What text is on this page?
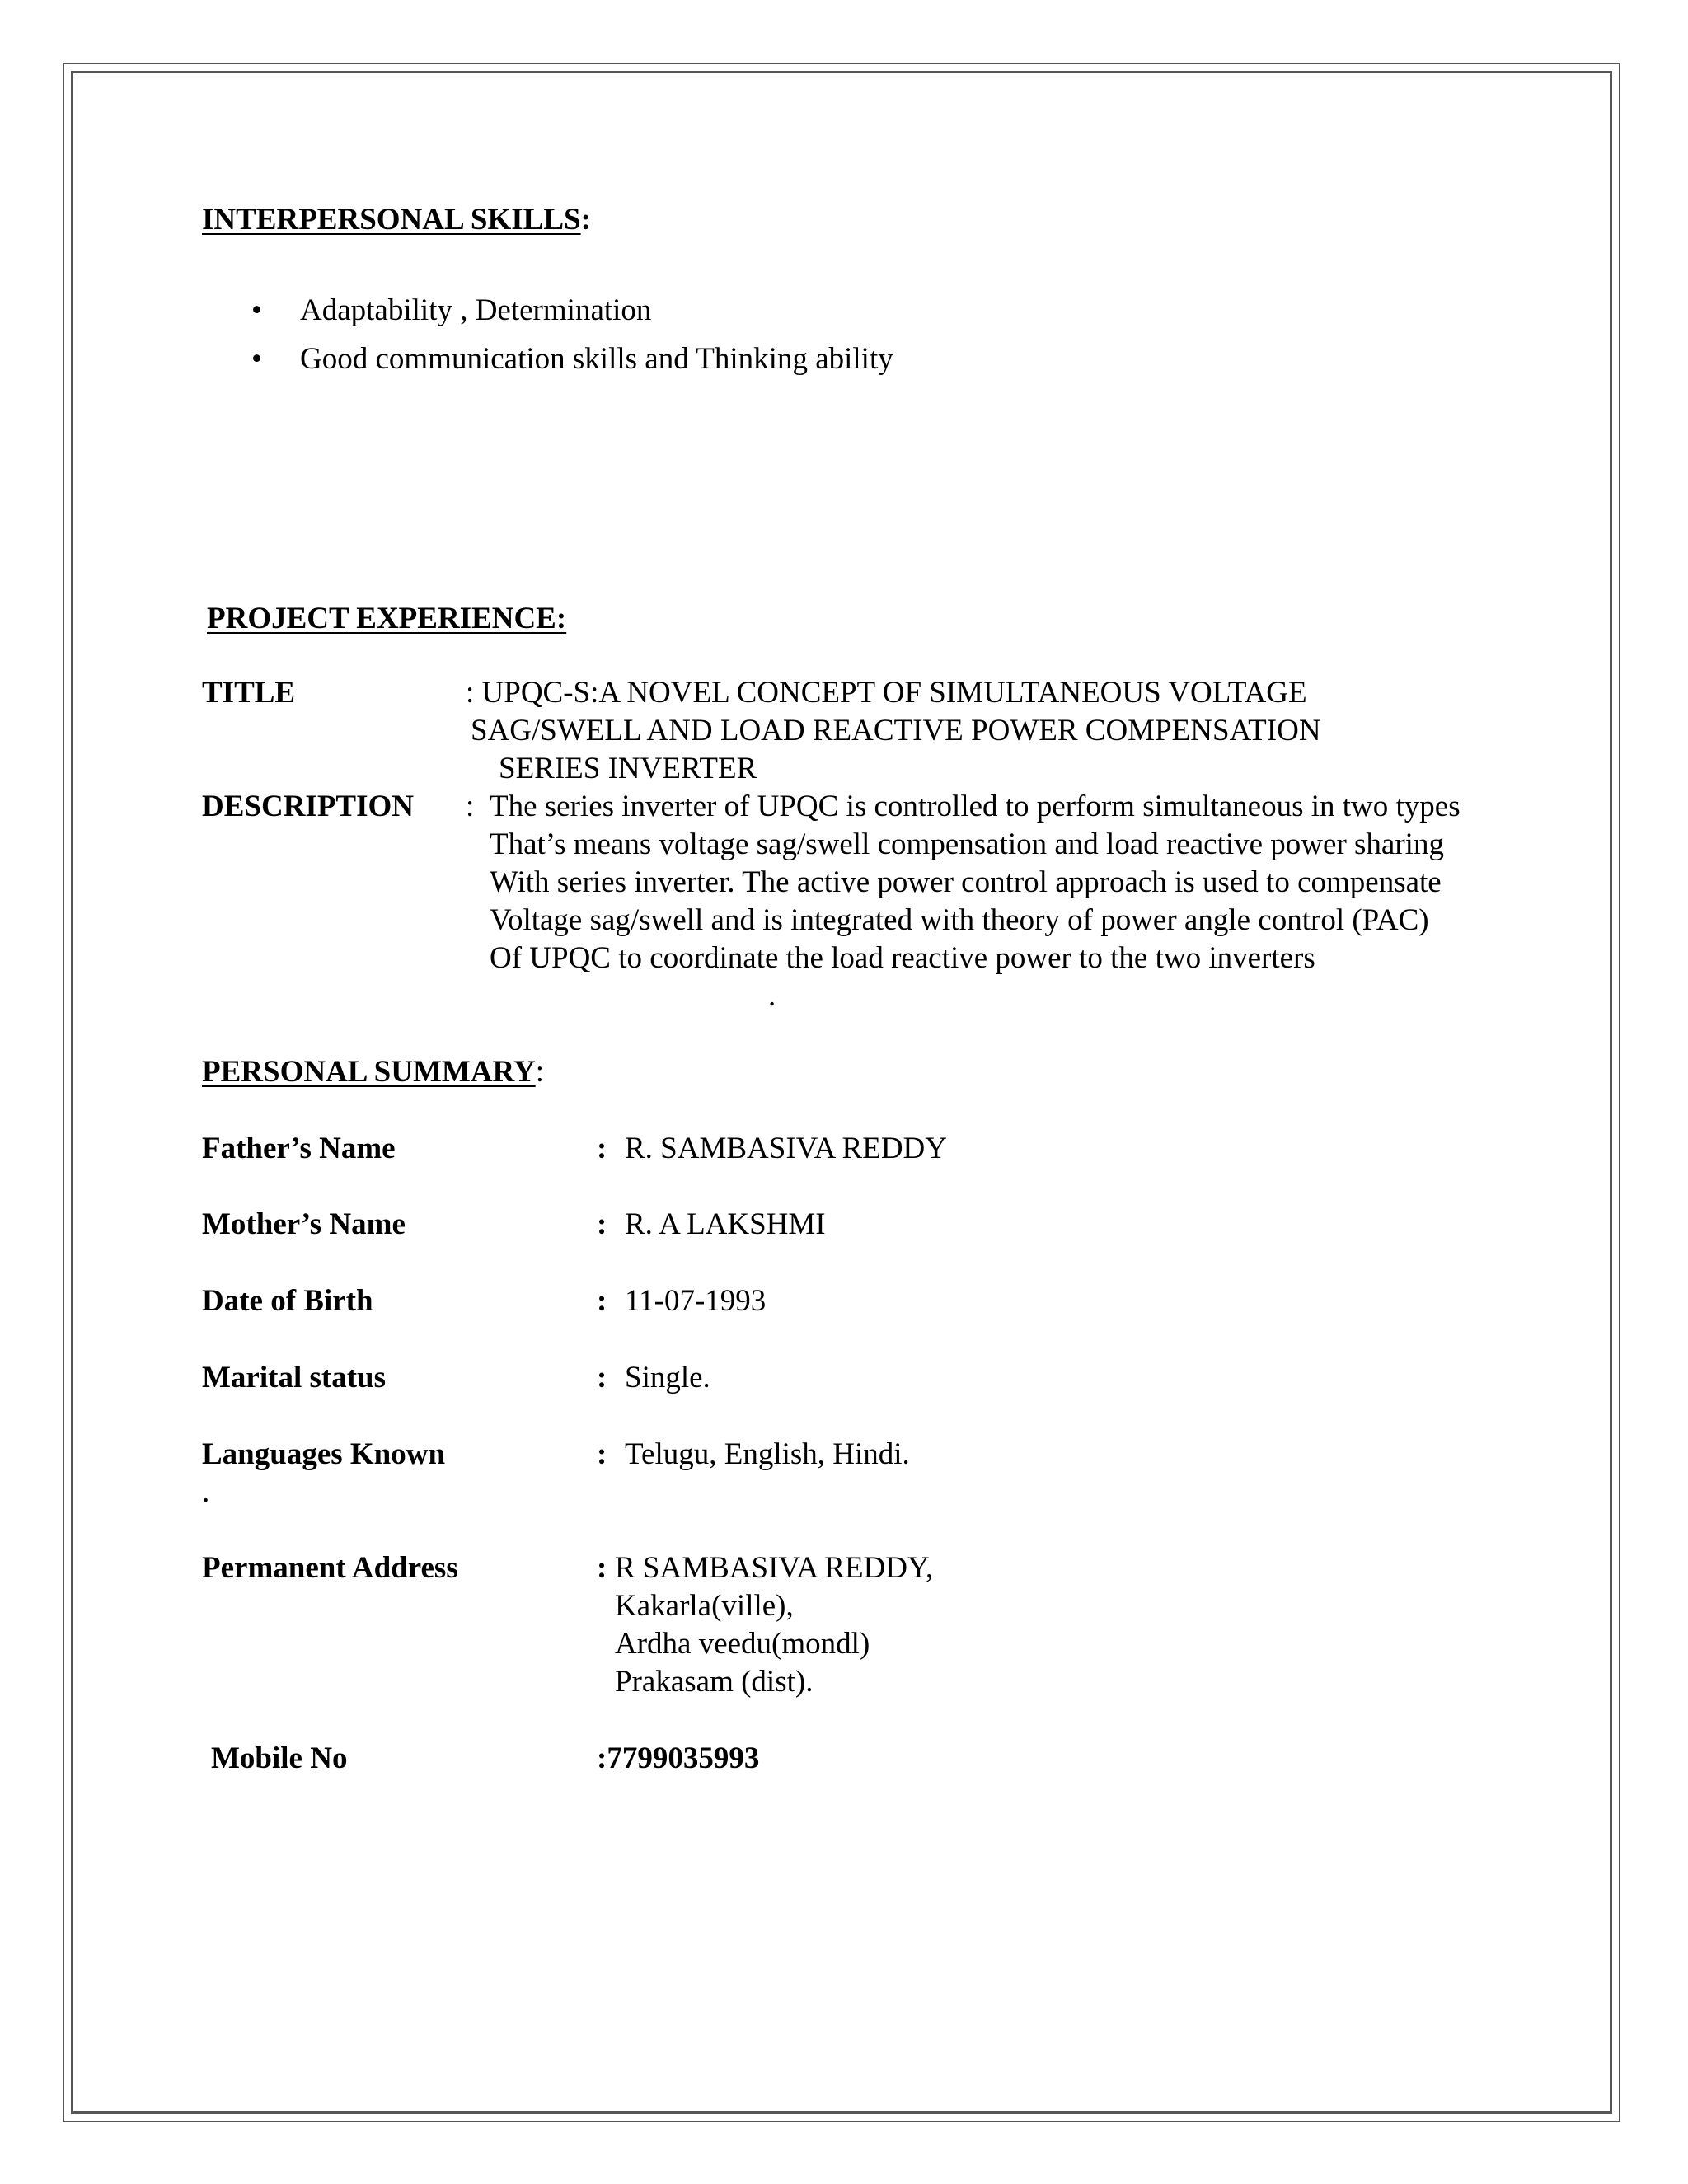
INTERPERSONAL SKILLS:
• Adaptability , Determination
• Good communication skills and Thinking ability
PROJECT EXPERIENCE:
TITLE	: UPQC-S:A NOVEL CONCEPT OF SIMULTANEOUS VOLTAGE
SAG/SWELL AND LOAD REACTIVE POWER COMPENSATION
SERIES INVERTER
DESCRIPTION : The series inverter of UPQC is controlled to perform simultaneous in two types
That’s means voltage sag/swell compensation and load reactive power sharing
With series inverter. The active power control approach is used to compensate
Voltage sag/swell and is integrated with theory of power angle control (PAC)
Of UPQC to coordinate the load reactive power to the two inverters
.
PERSONAL SUMMARY:
Father’s Name	: R. SAMBASIVA REDDY
Mother’s Name	: R. A LAKSHMI
Date of Birth	: 11-07-1993
Marital status	: Single.
Languages Known	: Telugu, English, Hindi.
.
Permanent Address	: R SAMBASIVA REDDY,
Kakarla(ville),
Ardha veedu(mondl)
Prakasam (dist).
Mobile No	:7799035993
